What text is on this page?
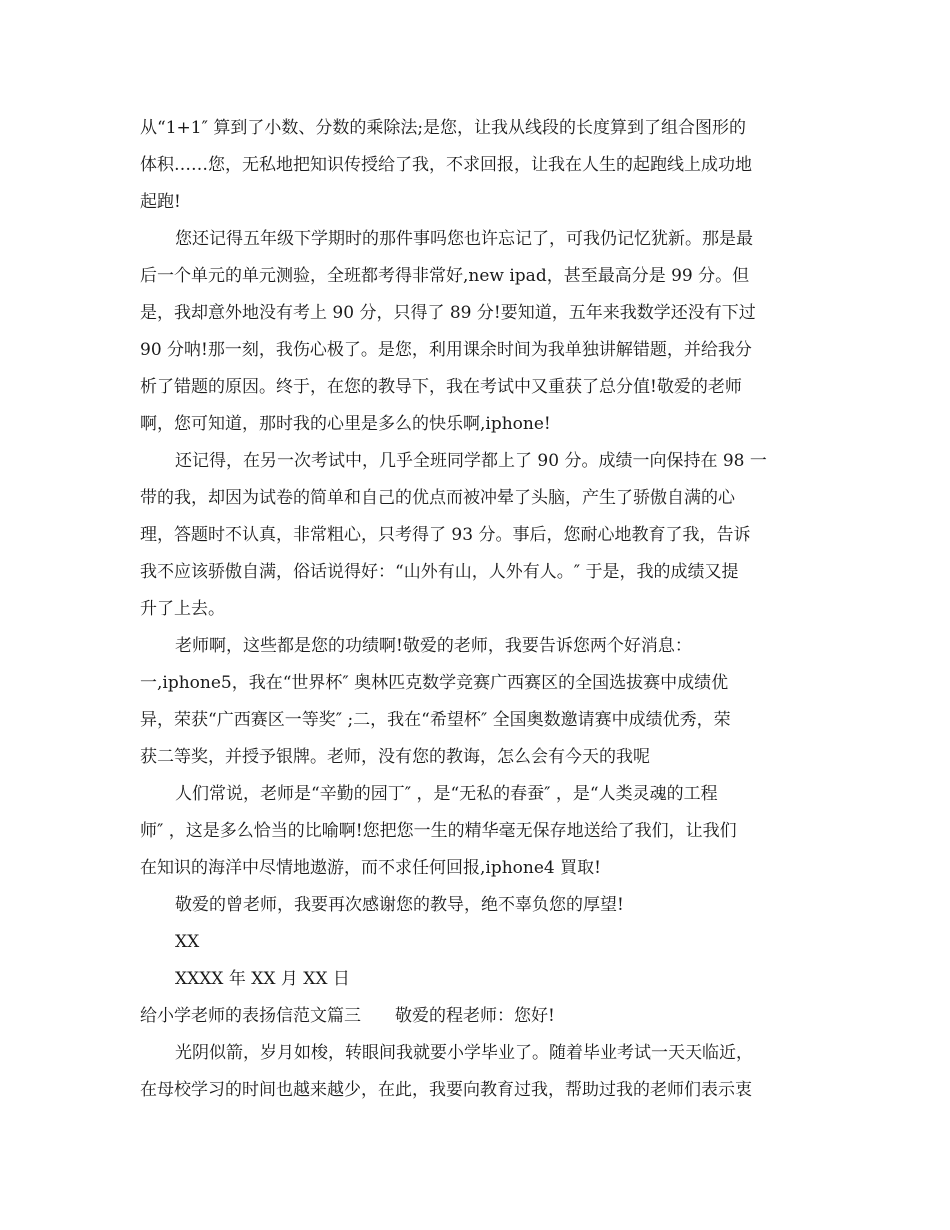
从“1+1″ 算到了小数、分数的乘除法;是您，让我从线段的长度算到了组合图形的
体积……您，无私地把知识传授给了我，不求回报，让我在人生的起跑线上成功地
起跑!
您还记得五年级下学期时的那件事吗您也许忘记了，可我仍记忆犹新。那是最
后一个单元的单元测验，全班都考得非常好,new ipad，甚至最高分是 99 分。但
是，我却意外地没有考上 90 分，只得了 89 分!要知道，五年来我数学还没有下过
90 分呐!那一刻，我伤心极了。是您，利用课余时间为我单独讲解错题，并给我分
析了错题的原因。终于，在您的教导下，我在考试中又重获了总分值!敬爱的老师
啊，您可知道，那时我的心里是多么的快乐啊,iphone!
还记得，在另一次考试中，几乎全班同学都上了 90 分。成绩一向保持在 98 一
带的我，却因为试卷的简单和自己的优点而被冲晕了头脑，产生了骄傲自满的心
理，答题时不认真，非常粗心，只考得了 93 分。事后，您耐心地教育了我，告诉
我不应该骄傲自满，俗话说得好：“山外有山，人外有人。″ 于是，我的成绩又提
升了上去。
老师啊，这些都是您的功绩啊!敬爱的老师，我要告诉您两个好消息：
一,iphone5，我在“世界杯″ 奥林匹克数学竞赛广西赛区的全国选拔赛中成绩优
异，荣获“广西赛区一等奖″ ;二，我在“希望杯″ 全国奥数邀请赛中成绩优秀，荣
获二等奖，并授予银牌。老师，没有您的教诲，怎么会有今天的我呢
人们常说，老师是“辛勤的园丁″ ，是“无私的春蚕″ ，是“人类灵魂的工程
师″ ，这是多么恰当的比喻啊!您把您一生的精华毫无保存地送给了我们，让我们
在知识的海洋中尽情地遨游，而不求任何回报,iphone4 買取!
敬爱的曾老师，我要再次感谢您的教导，绝不辜负您的厚望!
XX
XXXX 年 XX 月 XX 日
给小学老师的表扬信范文篇三　　敬爱的程老师：您好!
光阴似箭，岁月如梭，转眼间我就要小学毕业了。随着毕业考试一天天临近，
在母校学习的时间也越来越少，在此，我要向教育过我，帮助过我的老师们表示衷
